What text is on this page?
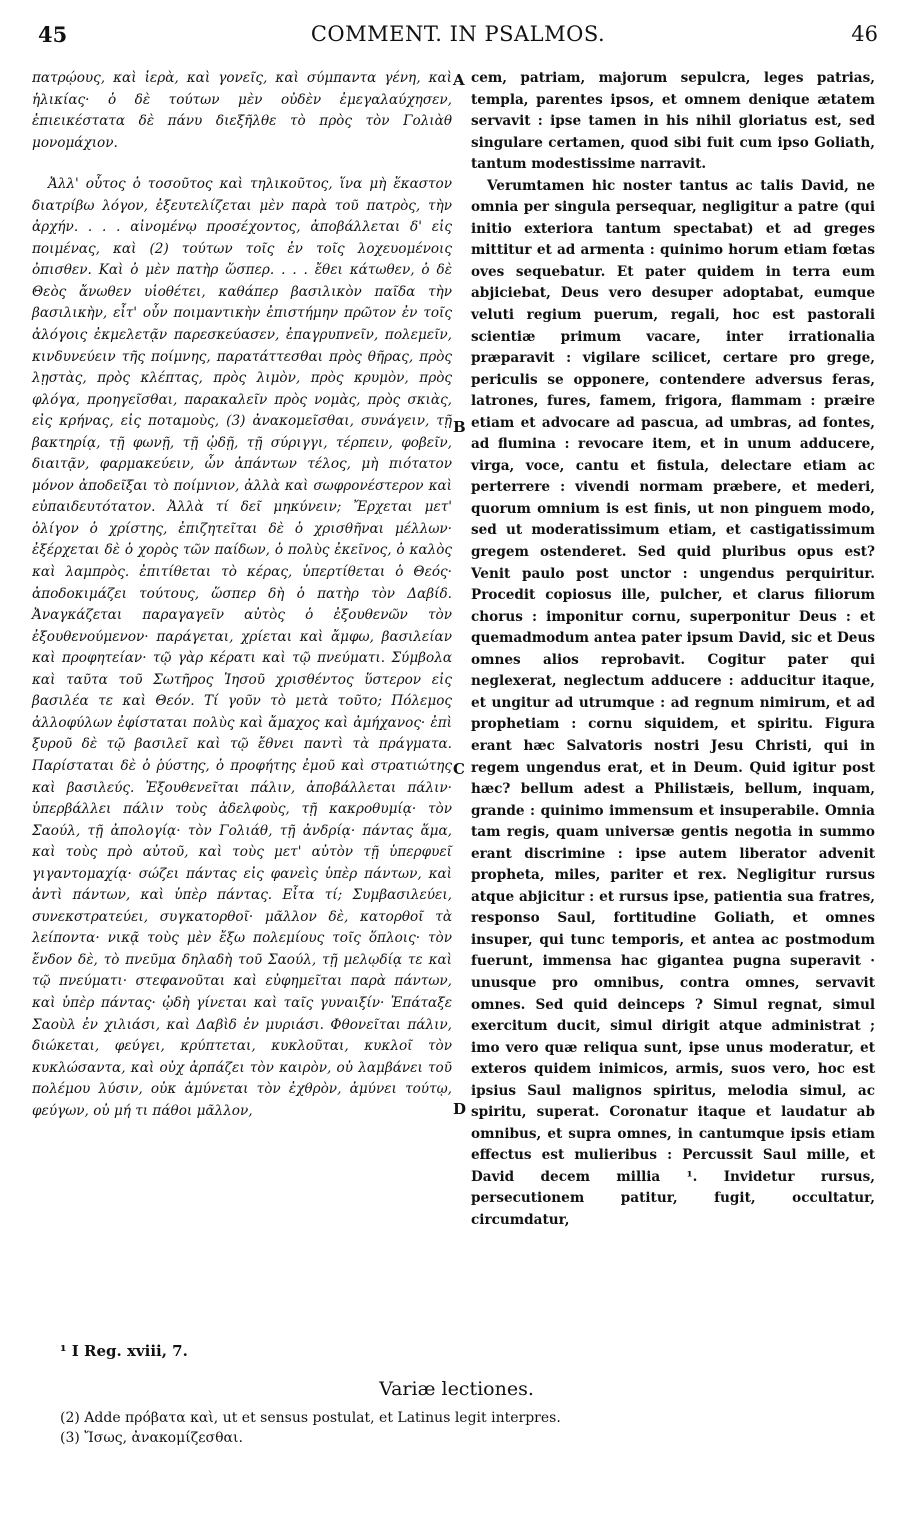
45	COMMENT. IN PSALMOS.	46

πατρῴους, καὶ ἱερὰ, καὶ γονεῖς, καὶ σύμπαντα γένη, καὶ ἡλικίας· ὁ δὲ τούτων μὲν οὐδὲν ἐμεγαλαύχησεν, ἐπιεικέστατα δὲ πάνυ διεξῆλθε τὸ πρὸς τὸν Γολιὰθ μονομάχιον.

Ἀλλ' οὗτος ὁ τοσοῦτος καὶ τηλικοῦτος, ἵνα μὴ ἕκαστον διατρίβω λόγον, ἐξευτελίζεται μὲν παρὰ τοῦ πατρὸς, τὴν ἀρχήν. . . . αἰνομένῳ προσέχοντος, ἀποβάλλεται δ' εἰς ποιμένας, καὶ (2) τούτων τοῖς ἐν τοῖς λοχευομένοις ὀπισθεν. Καὶ ὁ μὲν πατὴρ ὥσπερ. . . . ἔθει κάτωθεν, ὁ δὲ Θεὸς ἄνωθεν υἱοθέτει, καθάπερ βασιλικὸν παῖδα τὴν βασιλικὴν, εἶτ' οὖν ποιμαντικὴν ἐπιστήμην πρῶτον ἐν τοῖς ἀλόγοις ἐκμελετᾷν παρεσκεύασεν, ἐπαγρυπνεῖν, πολεμεῖν, κινδυνεύειν τῆς ποίμνης, παρατάττεσθαι πρὸς θῆρας, πρὸς λῃστὰς, πρὸς κλέπτας, πρὸς λιμὸν, πρὸς κρυμὸν, πρὸς φλόγα, προηγεῖσθαι, παρακαλεῖν πρὸς νομὰς, πρὸς σκιὰς, εἰς κρήνας, εἰς ποταμοὺς, (3) ἀνακομεῖσθαι, συνάγειν, τῇ βακτηρίᾳ, τῇ φωνῇ, τῇ ᾠδῇ, τῇ σύριγγι, τέρπειν, φοβεῖν, διαιτᾷν, φαρμακεύειν, ὧν ἁπάντων τέλος, μὴ πιότατον μόνον ἀποδεῖξαι τὸ ποίμνιον, ἀλλὰ καὶ σωφρονέστερον καὶ εὐπαιδευτότατον. Ἀλλὰ τί δεῖ μηκύνειν; Ἔρχεται μετ' ὀλίγον ὁ χρίστης, ἐπιζητεῖται δὲ ὁ χρισθῆναι μέλλων· ἐξέρχεται δὲ ὁ χορὸς τῶν παίδων, ὁ πολὺς ἐκεῖνος, ὁ καλὸς καὶ λαμπρὸς. ἐπιτίθεται τὸ κέρας, ὑπερτίθεται ὁ Θεός· ἀποδοκιμάζει τούτους, ὥσπερ δὴ ὁ πατὴρ τὸν Δαβίδ. Ἀναγκάζεται παραγαγεῖν αὐτὸς ὁ ἐξουθενῶν τὸν ἐξουθενούμενον· παράγεται, χρίεται καὶ ἄμφω, βασιλείαν καὶ προφητείαν· τῷ γὰρ κέρατι καὶ τῷ πνεύματι. Σύμβολα καὶ ταῦτα τοῦ Σωτῆρος Ἰησοῦ χρισθέντος ὕστερον εἰς βασιλέα τε καὶ Θεόν. Τί γοῦν τὸ μετὰ τοῦτο; Πόλεμος ἀλλοφύλων ἐφίσταται πολὺς καὶ ἄμαχος καὶ ἀμήχανος· ἐπὶ ξυροῦ δὲ τῷ βασιλεῖ καὶ τῷ ἔθνει παντὶ τὰ πράγματα. Παρίσταται δὲ ὁ ῥύστης, ὁ προφήτης ἐμοῦ καὶ στρατιώτης καὶ βασιλεύς. Ἐξουθενεῖται πάλιν, ἀποβάλλεται πάλιν· ὑπερβάλλει πάλιν τοὺς ἀδελφοὺς, τῇ κακροθυμίᾳ· τὸν Σαούλ, τῇ ἀπολογίᾳ· τὸν Γολιάθ, τῇ ἀνδρίᾳ· πάντας ἅμα, καὶ τοὺς πρὸ αὐτοῦ, καὶ τοὺς μετ' αὐτὸν τῇ ὑπερφυεῖ γιγαντομαχίᾳ· σώζει πάντας εἰς φανεὶς ὑπὲρ πάντων, καὶ ἀντὶ πάντων, καὶ ὑπὲρ πάντας. Εἶτα τί; Συμβασιλεύει, συνεκστρατεύει, συγκατορθοῖ· μᾶλλον δὲ, κατορθοῖ τὰ λείποντα· νικᾷ τοὺς μὲν ἔξω πολεμίους τοῖς ὅπλοις· τὸν ἔνδον δὲ, τὸ πνεῦμα δηλαδὴ τοῦ Σαούλ, τῇ μελῳδίᾳ τε καὶ τῷ πνεύματι· στεφανοῦται καὶ εὐφημεῖται παρὰ πάντων, καὶ ὑπὲρ πάντας· ᾠδὴ γίνεται καὶ ταῖς γυναιξίν· Ἐπάταξε Σαοὺλ ἐν χιλιάσι, καὶ Δαβὶδ ἐν μυριάσι. Φθονεῖται πάλιν, διώκεται, φεύγει, κρύπτεται, κυκλοῦται, κυκλοῖ τὸν κυκλώσαντα, καὶ οὐχ ἁρπάζει τὸν καιρὸν, οὐ λαμβάνει τοῦ πολέμου λύσιν, οὐκ ἀμύνεται τὸν ἐχθρὸν, ἀμύνει τούτῳ, φεύγων, οὐ μή τι πάθοι μᾶλλον,

A
B
C
D

cem, patriam, majorum sepulcra, leges patrias, templa, parentes ipsos, et omnem denique ætatem servavit : ipse tamen in his nihil gloriatus est, sed singulare certamen, quod sibi fuit cum ipso Goliath, tantum modestissime narravit.

Verumtamen hic noster tantus ac talis David, ne omnia per singula persequar, negligitur a patre (qui initio exteriora tantum spectabat) et ad greges mittitur et ad armenta : quinimo horum etiam fœtas oves sequebatur. Et pater quidem in terra eum abjiciebat, Deus vero desuper adoptabat, eumque veluti regium puerum, regali, hoc est pastorali scientiæ primum vacare, inter irrationalia præparavit : vigilare scilicet, certare pro grege, periculis se opponere, contendere adversus feras, latrones, fures, famem, frigora, flammam : præire etiam et advocare ad pascua, ad umbras, ad fontes, ad flumina : revocare item, et in unum adducere, virga, voce, cantu et fistula, delectare etiam ac perterrere : vivendi normam præbere, et mederi, quorum omnium is est finis, ut non pinguem modo, sed ut moderatissimum etiam, et castigatissimum gregem ostenderet. Sed quid pluribus opus est? Venit paulo post unctor : ungendus perquiritur. Procedit copiosus ille, pulcher, et clarus filiorum chorus : imponitur cornu, superponitur Deus : et quemadmodum antea pater ipsum David, sic et Deus omnes alios reprobavit. Cogitur pater qui neglexerat, neglectum adducere : adducitur itaque, et ungitur ad utrumque : ad regnum nimirum, et ad prophetiam : cornu siquidem, et spiritu. Figura erant hæc Salvatoris nostri Jesu Christi, qui in regem ungendus erat, et in Deum. Quid igitur post hæc? bellum adest a Philistæis, bellum, inquam, grande : quinimo immensum et insuperabile. Omnia tam regis, quam universæ gentis negotia in summo erant discrimine : ipse autem liberator advenit propheta, miles, pariter et rex. Negligitur rursus atque abjicitur : et rursus ipse, patientia sua fratres, responso Saul, fortitudine Goliath, et omnes insuper, qui tunc temporis, et antea ac postmodum fuerunt, immensa hac gigantea pugna superavit · unusque pro omnibus, contra omnes, servavit omnes. Sed quid deinceps ? Simul regnat, simul exercitum ducit, simul dirigit atque administrat ; imo vero quæ reliqua sunt, ipse unus moderatur, et exteros quidem inimicos, armis, suos vero, hoc est ipsius Saul malignos spiritus, melodia simul, ac spiritu, superat. Coronatur itaque et laudatur ab omnibus, et supra omnes, in cantumque ipsis etiam effectus est mulieribus : Percussit Saul mille, et David decem millia ¹. Invidetur rursus, persecutionem patitur, fugit, occultatur, circumdatur,

¹ I Reg. xviii, 7.
Variæ lectiones.
(2) Adde πρόβατα καὶ, ut et sensus postulat, et Latinus legit interpres.
(3) Ἴσως, ἀνακομίζεσθαι.
